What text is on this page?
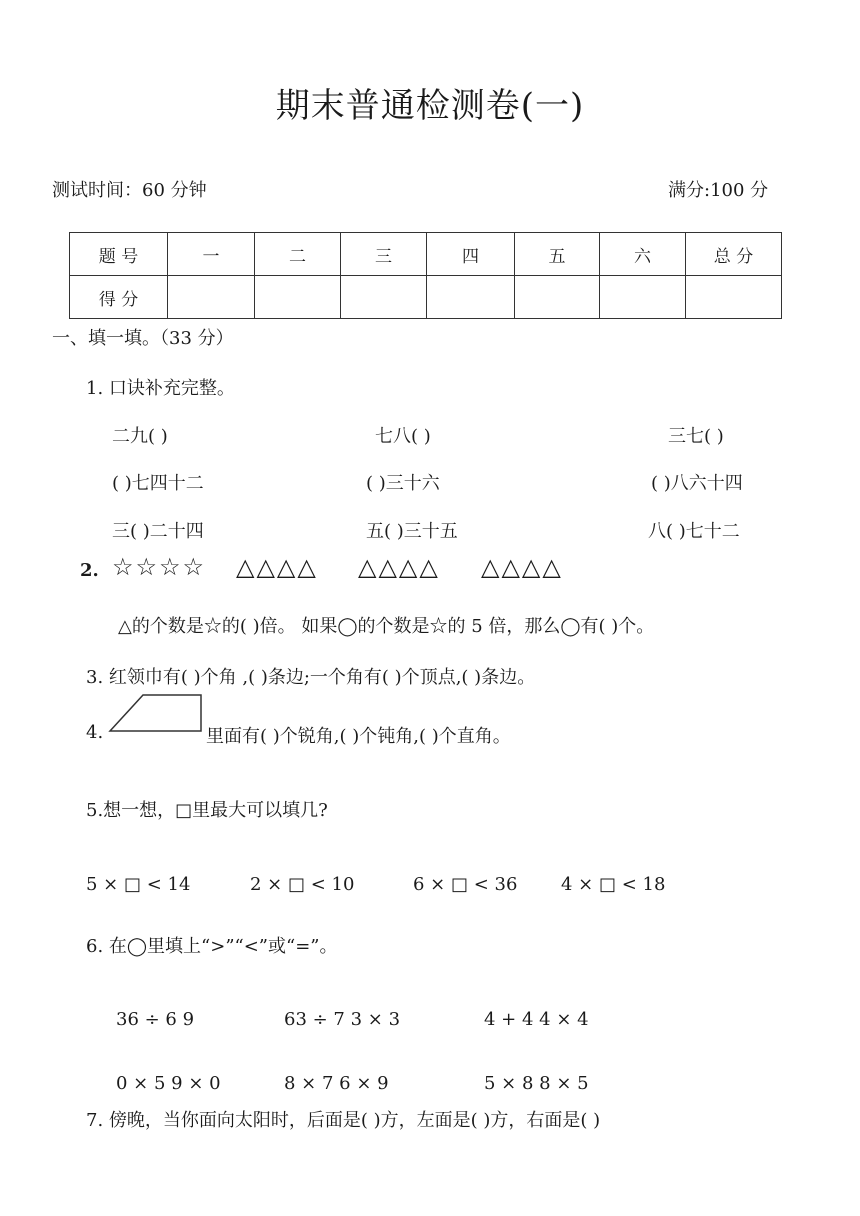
期末普通检测卷(一)
测试时间：60 分钟	满分:100 分
题 号	一	二	三	四	五	六	总 分
得 分							
一、填一填。（33 分）
1. 口诀补充完整。
二九( )	七八( )	三七( )
( )七四十二	( )三十六	( )八六十四
三( )二十四	五( )三十五	八( )七十二
2. ☆☆☆☆ △△△△ △△△△ △△△△
△的个数是☆的( )倍。 如果◯的个数是☆的 5 倍，那么◯有( )个。
3. 红领巾有( )个角 ,( )条边;一个角有( )个顶点,( )条边。
4.	里面有( )个锐角,( )个钝角,( )个直角。
5.想一想，□里最大可以填几?
5 × □ < 14	2 × □ < 10	6 × □ < 36 4 × □ < 18
6. 在◯里填上“>”“<”或“=”。
36 ÷ 6 9	63 ÷ 7 3 × 3	4 + 4 4 × 4
0 × 5 9 × 0	8 × 7 6 × 9	5 × 8 8 × 5
7. 傍晚，当你面向太阳时，后面是( )方，左面是( )方，右面是( )
